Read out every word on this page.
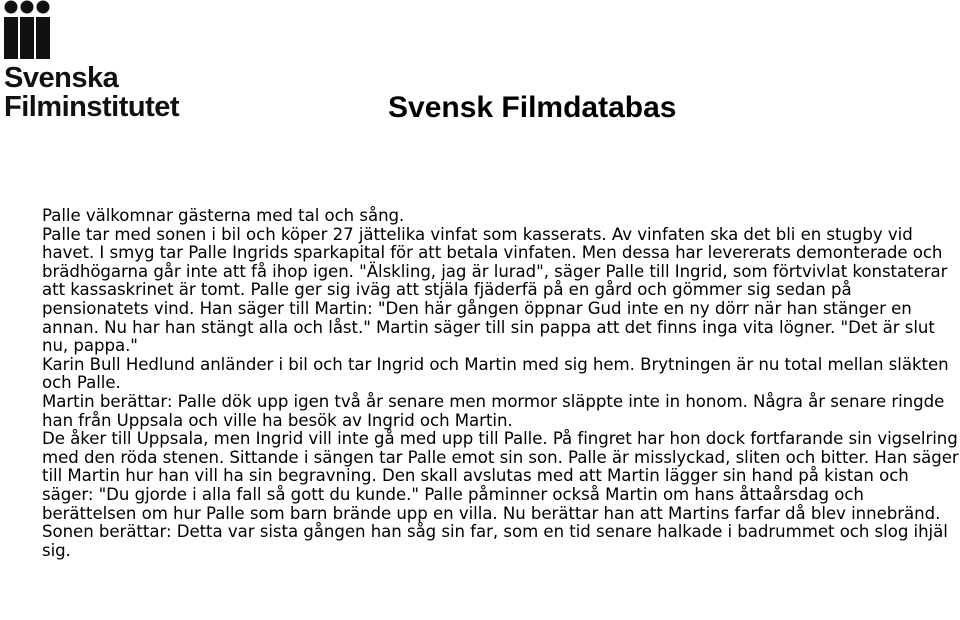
Svenska
Filminstitutet	Svensk Filmdatabas

Palle välkomnar gästerna med tal och sång.

Palle tar med sonen i bil och köper 27 jättelika vinfat som kasserats. Av vinfaten ska det bli en stugby vid havet. I smyg tar Palle Ingrids sparkapital för att betala vinfaten. Men dessa har levererats demonterade och brädhögarna går inte att få ihop igen. "Älskling, jag är lurad", säger Palle till Ingrid, som förtvivlat konstaterar att kassaskrinet är tomt. Palle ger sig iväg att stjäla fjäderfä på en gård och gömmer sig sedan på pensionatets vind. Han säger till Martin: "Den här gången öppnar Gud inte en ny dörr när han stänger en annan. Nu har han stängt alla och låst." Martin säger till sin pappa att det finns inga vita lögner. "Det är slut nu, pappa."

Karin Bull Hedlund anländer i bil och tar Ingrid och Martin med sig hem. Brytningen är nu total mellan släkten och Palle.

Martin berättar: Palle dök upp igen två år senare men mormor släppte inte in honom. Några år senare ringde han från Uppsala och ville ha besök av Ingrid och Martin.

De åker till Uppsala, men Ingrid vill inte gå med upp till Palle. På fingret har hon dock fortfarande sin vigselring med den röda stenen. Sittande i sängen tar Palle emot sin son. Palle är misslyckad, sliten och bitter. Han säger till Martin hur han vill ha sin begravning. Den skall avslutas med att Martin lägger sin hand på kistan och säger: "Du gjorde i alla fall så gott du kunde." Palle påminner också Martin om hans åttaårsdag och berättelsen om hur Palle som barn brände upp en villa. Nu berättar han att Martins farfar då blev innebränd.

Sonen berättar: Detta var sista gången han såg sin far, som en tid senare halkade i badrummet och slog ihjäl sig.
